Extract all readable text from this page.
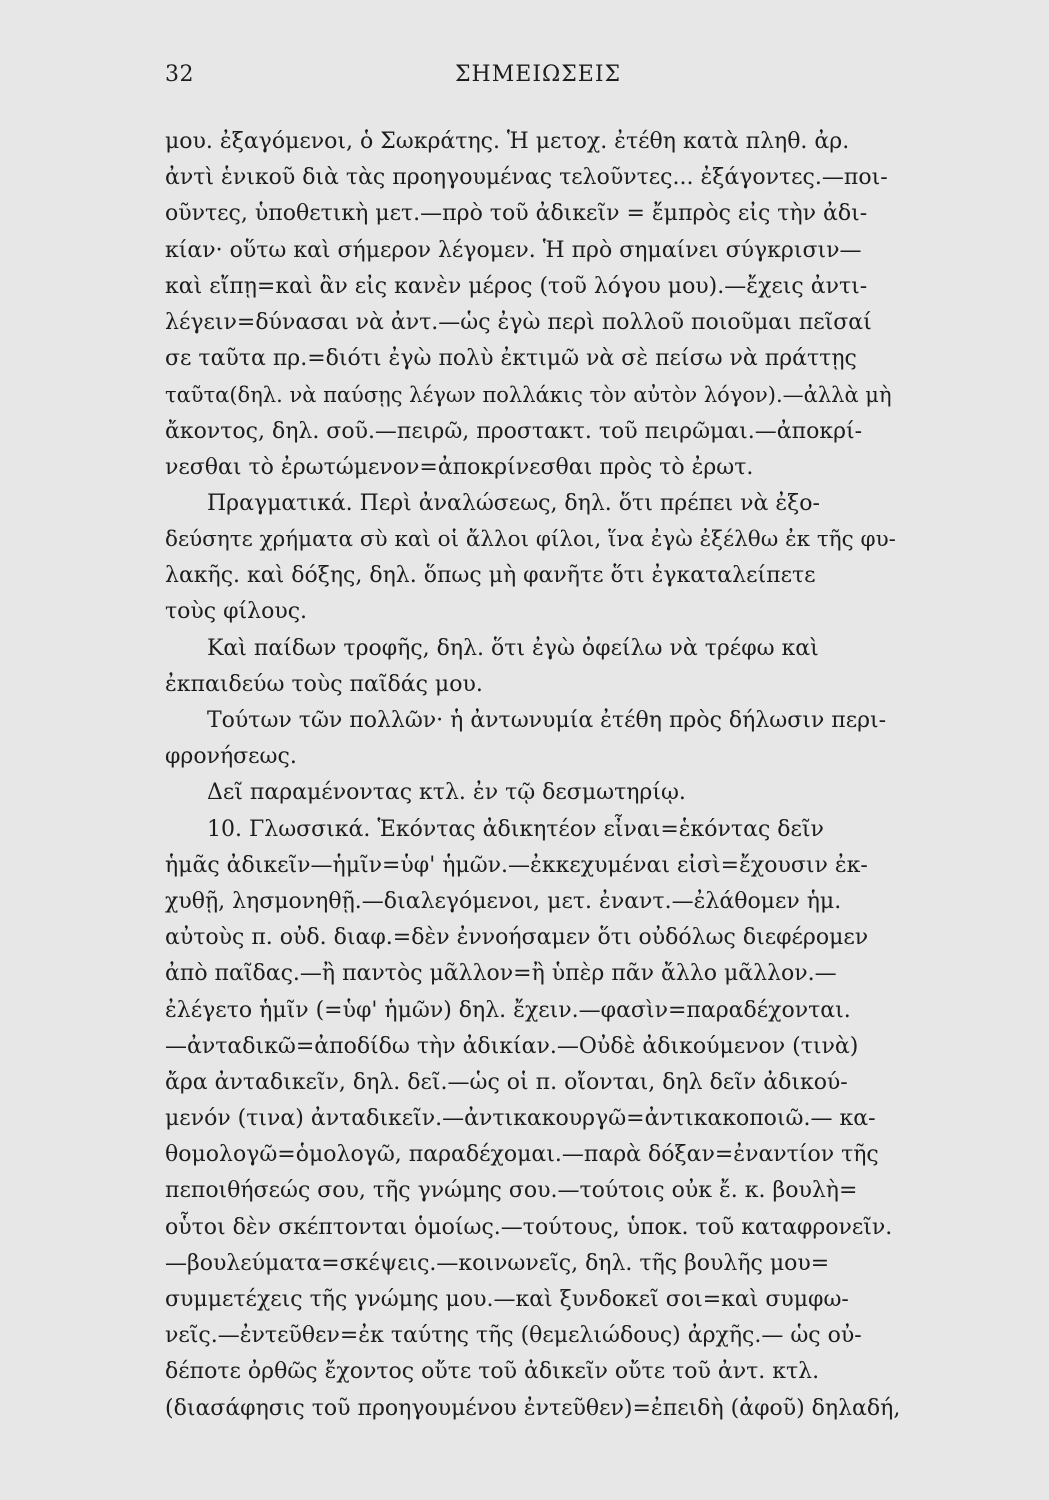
32	ΣΗΜΕΙΩΣΕΙΣ
μου. ἐξαγόμενοι, ὁ Σωκράτης. Ἡ μετοχ. ἐτέθη κατὰ πληθ. ἀρ.
ἀντὶ ἑνικοῦ διὰ τὰς προηγουμένας τελοῦντες... ἐξάγοντες.—ποι-
οῦντες, ὑποθετικὴ μετ.—πρὸ τοῦ ἀδικεῖν = ἔμπρὸς εἰς τὴν ἀδι-
κίαν· οὕτω καὶ σήμερον λέγομεν. Ἡ πρὸ σημαίνει σύγκρισιν—
καὶ εἴπῃ=καὶ ἂν εἰς κανὲν μέρος (τοῦ λόγου μου).—ἔχεις ἀντι-
λέγειν=δύνασαι νὰ ἀντ.—ὡς ἐγὼ περὶ πολλοῦ ποιοῦμαι πεῖσαί
σε ταῦτα πρ.=διότι ἐγὼ πολὺ ἐκτιμῶ νὰ σὲ πείσω νὰ πράττῃς
ταῦτα(δηλ. νὰ παύσῃς λέγων πολλάκις τὸν αὐτὸν λόγον).—ἀλλὰ μὴ
ἄκοντος, δηλ. σοῦ.—πειρῶ, προστακτ. τοῦ πειρῶμαι.—ἀποκρί-
νεσθαι τὸ ἐρωτώμενον=ἀποκρίνεσθαι πρὸς τὸ ἐρωτ.
Πραγματικά. Περὶ ἀναλώσεως, δηλ. ὅτι πρέπει νὰ ἐξο-
δεύσητε χρήματα σὺ καὶ οἱ ἄλλοι φίλοι, ἵνα ἐγὼ ἐξέλθω ἐκ τῆς φυ-
λακῆς. καὶ δόξης, δηλ. ὅπως μὴ φανῆτε ὅτι ἐγκαταλείπετε
τοὺς φίλους.
Καὶ παίδων τροφῆς, δηλ. ὅτι ἐγὼ ὀφείλω νὰ τρέφω καὶ
ἐκπαιδεύω τοὺς παῖδάς μου.
Τούτων τῶν πολλῶν· ἡ ἀντωνυμία ἐτέθη πρὸς δήλωσιν περι-
φρονήσεως.
Δεῖ παραμένοντας κτλ. ἐν τῷ δεσμωτηρίῳ.
10. Γλωσσικά. Ἑκόντας ἀδικητέον εἶναι=ἑκόντας δεῖν
ἡμᾶς ἀδικεῖν—ἡμῖν=ὑφ' ἡμῶν.—ἐκκεχυμέναι εἰσὶ=ἔχουσιν ἐκ-
χυθῇ, λησμονηθῇ.—διαλεγόμενοι, μετ. ἐναντ.—ἐλάθομεν ἡμ.
αὐτοὺς π. οὐδ. διαφ.=δὲν ἐννοήσαμεν ὅτι οὐδόλως διεφέρομεν
ἀπὸ παῖδας.—ἢ παντὸς μᾶλλον=ἢ ὑπὲρ πᾶν ἄλλο μᾶλλον.—
ἐλέγετο ἡμῖν (=ὑφ' ἡμῶν) δηλ. ἔχειν.—φασὶν=παραδέχονται.
—ἀνταδικῶ=ἀποδίδω τὴν ἀδικίαν.—Οὐδὲ ἀδικούμενον (τινὰ)
ἄρα ἀνταδικεῖν, δηλ. δεῖ.—ὡς οἱ π. οἴονται, δηλ δεῖν ἀδικού-
μενόν (τινα) ἀνταδικεῖν.—ἀντικακουργῶ=ἀντικακοποιῶ.— κα-
θομολογῶ=ὁμολογῶ, παραδέχομαι.—παρὰ δόξαν=ἐναντίον τῆς
πεποιθήσεώς σου, τῆς γνώμης σου.—τούτοις οὐκ ἔ. κ. βουλὴ=
οὗτοι δὲν σκέπτονται ὁμοίως.—τούτους, ὑποκ. τοῦ καταφρονεῖν.
—βουλεύματα=σκέψεις.—κοινωνεῖς, δηλ. τῆς βουλῆς μου=
συμμετέχεις τῆς γνώμης μου.—καὶ ξυνδοκεῖ σοι=καὶ συμφω-
νεῖς.—ἐντεῦθεν=ἐκ ταύτης τῆς (θεμελιώδους) ἀρχῆς.— ὡς οὐ-
δέποτε ὀρθῶς ἔχοντος οὔτε τοῦ ἀδικεῖν οὔτε τοῦ ἀντ. κτλ.
(διασάφησις τοῦ προηγουμένου ἐντεῦθεν)=ἐπειδὴ (ἀφοῦ) δηλαδή,
